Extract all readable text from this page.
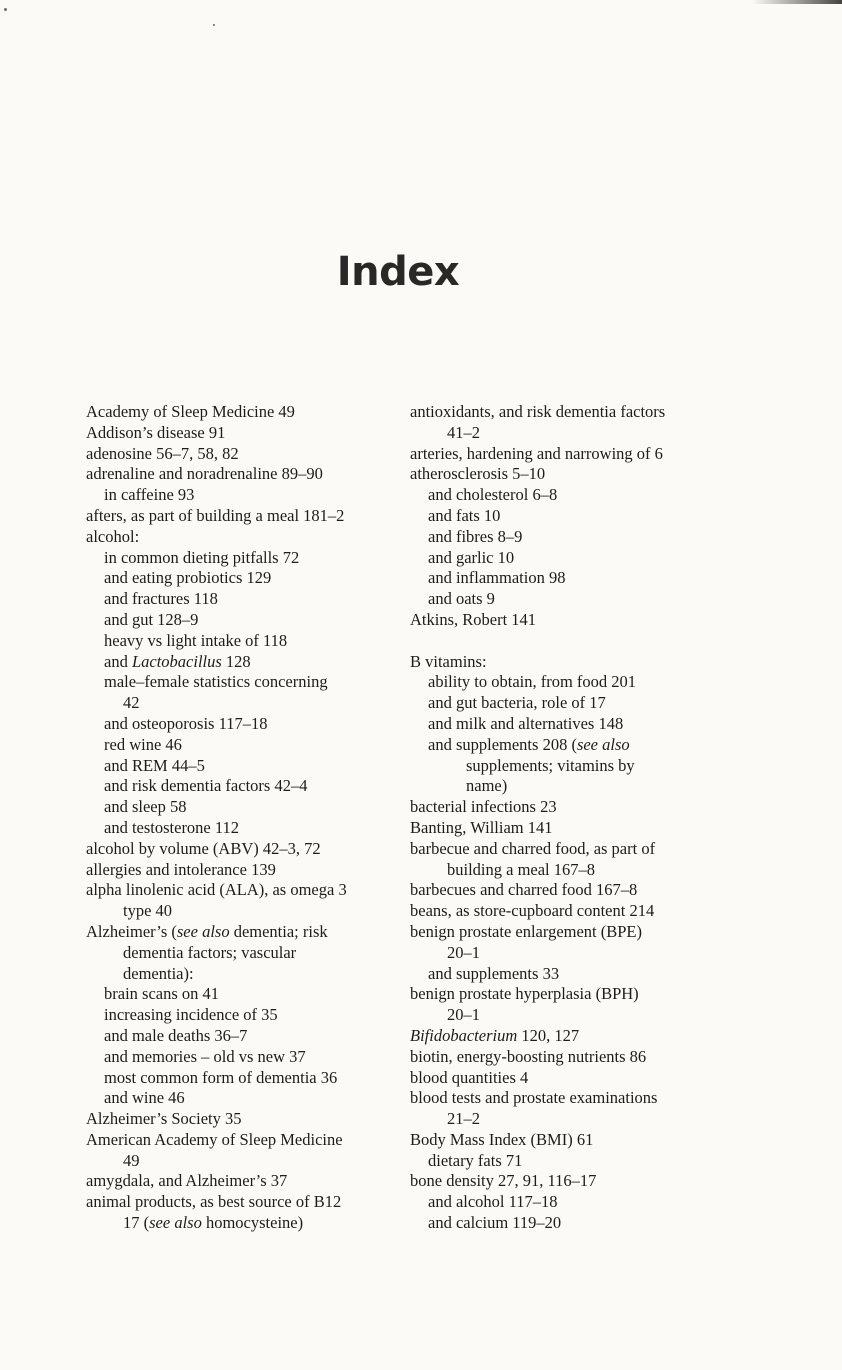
Index
Academy of Sleep Medicine 49
Addison’s disease 91
adenosine 56–7, 58, 82
adrenaline and noradrenaline 89–90
in caffeine 93
afters, as part of building a meal 181–2
alcohol:
in common dieting pitfalls 72
and eating probiotics 129
and fractures 118
and gut 128–9
heavy vs light intake of 118
and Lactobacillus 128
male–female statistics concerning
42
and osteoporosis 117–18
red wine 46
and REM 44–5
and risk dementia factors 42–4
and sleep 58
and testosterone 112
alcohol by volume (ABV) 42–3, 72
allergies and intolerance 139
alpha linolenic acid (ALA), as omega 3
type 40
Alzheimer’s (see also dementia; risk
dementia factors; vascular
dementia):
brain scans on 41
increasing incidence of 35
and male deaths 36–7
and memories – old vs new 37
most common form of dementia 36
and wine 46
Alzheimer’s Society 35
American Academy of Sleep Medicine
49
amygdala, and Alzheimer’s 37
animal products, as best source of B12
17 (see also homocysteine)
antioxidants, and risk dementia factors
41–2
arteries, hardening and narrowing of 6
atherosclerosis 5–10
and cholesterol 6–8
and fats 10
and fibres 8–9
and garlic 10
and inflammation 98
and oats 9
Atkins, Robert 141
B vitamins:
ability to obtain, from food 201
and gut bacteria, role of 17
and milk and alternatives 148
and supplements 208 (see also
supplements; vitamins by
name)
bacterial infections 23
Banting, William 141
barbecue and charred food, as part of
building a meal 167–8
barbecues and charred food 167–8
beans, as store-cupboard content 214
benign prostate enlargement (BPE)
20–1
and supplements 33
benign prostate hyperplasia (BPH)
20–1
Bifidobacterium 120, 127
biotin, energy-boosting nutrients 86
blood quantities 4
blood tests and prostate examinations
21–2
Body Mass Index (BMI) 61
dietary fats 71
bone density 27, 91, 116–17
and alcohol 117–18
and calcium 119–20
